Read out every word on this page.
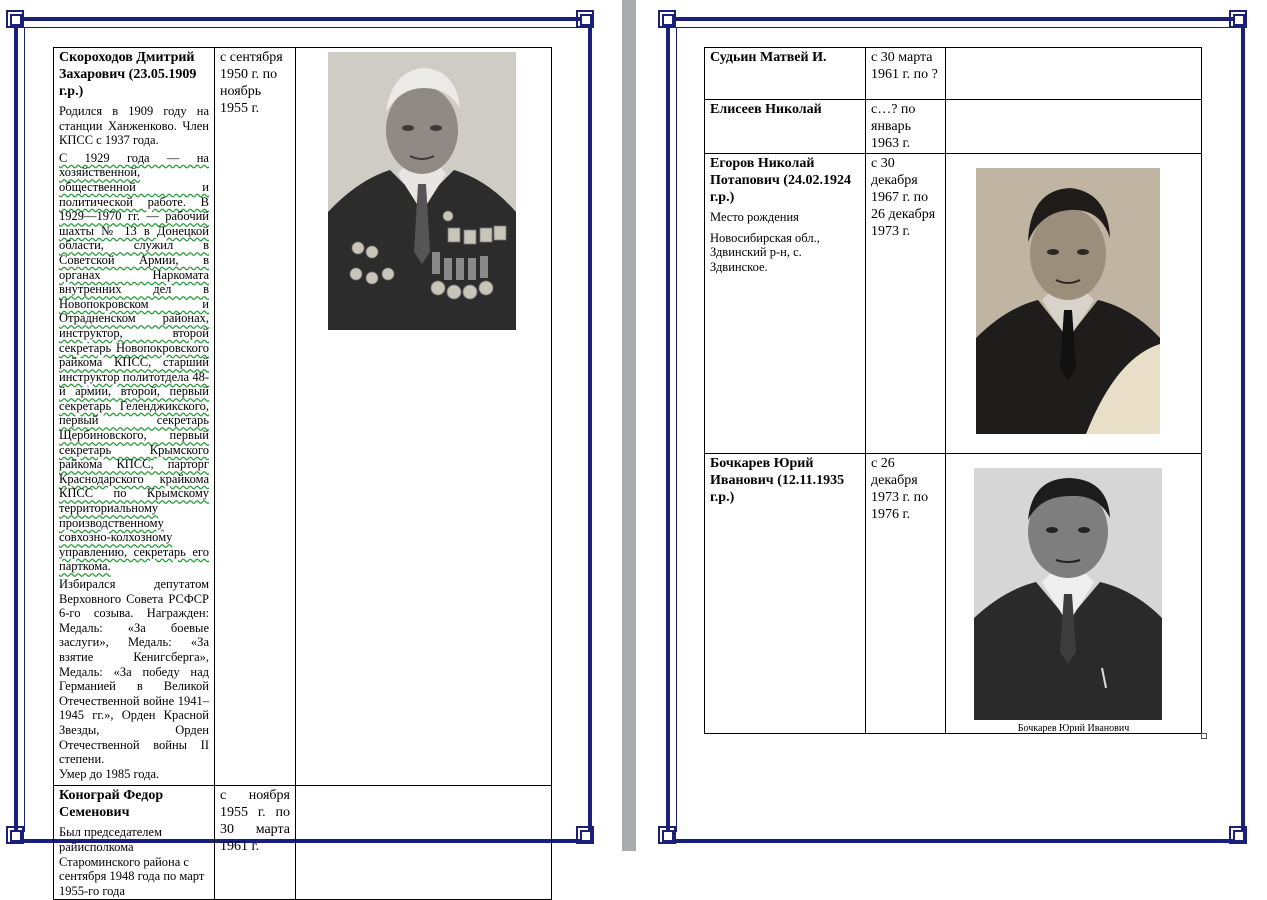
Скороходов Дмитрий Захарович (23.05.1909 г.р.)

Родился в 1909 году на станции Ханженково. Член КПСС с 1937 года.

С 1929 года — на хозяйственной, общественной и политической работе. В 1929—1970 гг. — рабочий шахты № 13 в Донецкой области, служил в Советской Армии, в органах Наркомата внутренних дел в Новопокровском и Отрадненском районах, инструктор, второй секретарь Новопокровского райкома КПСС, старший инструктор политотдела 48-й армии, второй, первый секретарь Геленджикского, первый секретарь Щербиновского, первый секретарь Крымского райкома КПСС, парторг Краснодарского крайкома КПСС по Крымскому территориальному производственному совхозно-колхозному управлению, секретарь его парткома.

Избирался депутатом Верховного Совета РСФСР 6-го созыва. Награжден: Медаль: «За боевые заслуги», Медаль: «За взятие Кенигсберга», Медаль: «За победу над Германией в Великой Отечественной войне 1941–1945 гг.», Орден Красной Звезды, Орден Отечественной войны II степени.

Умер до 1985 года.	с сентября 1950 г. по ноябрь 1955 г.

Конограй Федор Семенович
Был председателем райисполкома Староминского района с сентября 1948 года по март 1955-го года	с ноября 1955 г. по 30 марта 1961 г.	

Судьин Матвей И.	с 30 марта 1961 г. по ?	

Елисеев Николай	с…? по январь 1963 г.	

Егоров Николай Потапович (24.02.1924 г.р.)

Место рождения

Новосибирская обл., Здвинский р-н, с. Здвинское.	с 30 декабря 1967 г. по 26 декабря 1973 г.

Бочкарев Юрий Иванович (12.11.1935 г.р.)	с 26 декабря 1973 г. по 1976 г.	Бочкарев Юрий Иванович
